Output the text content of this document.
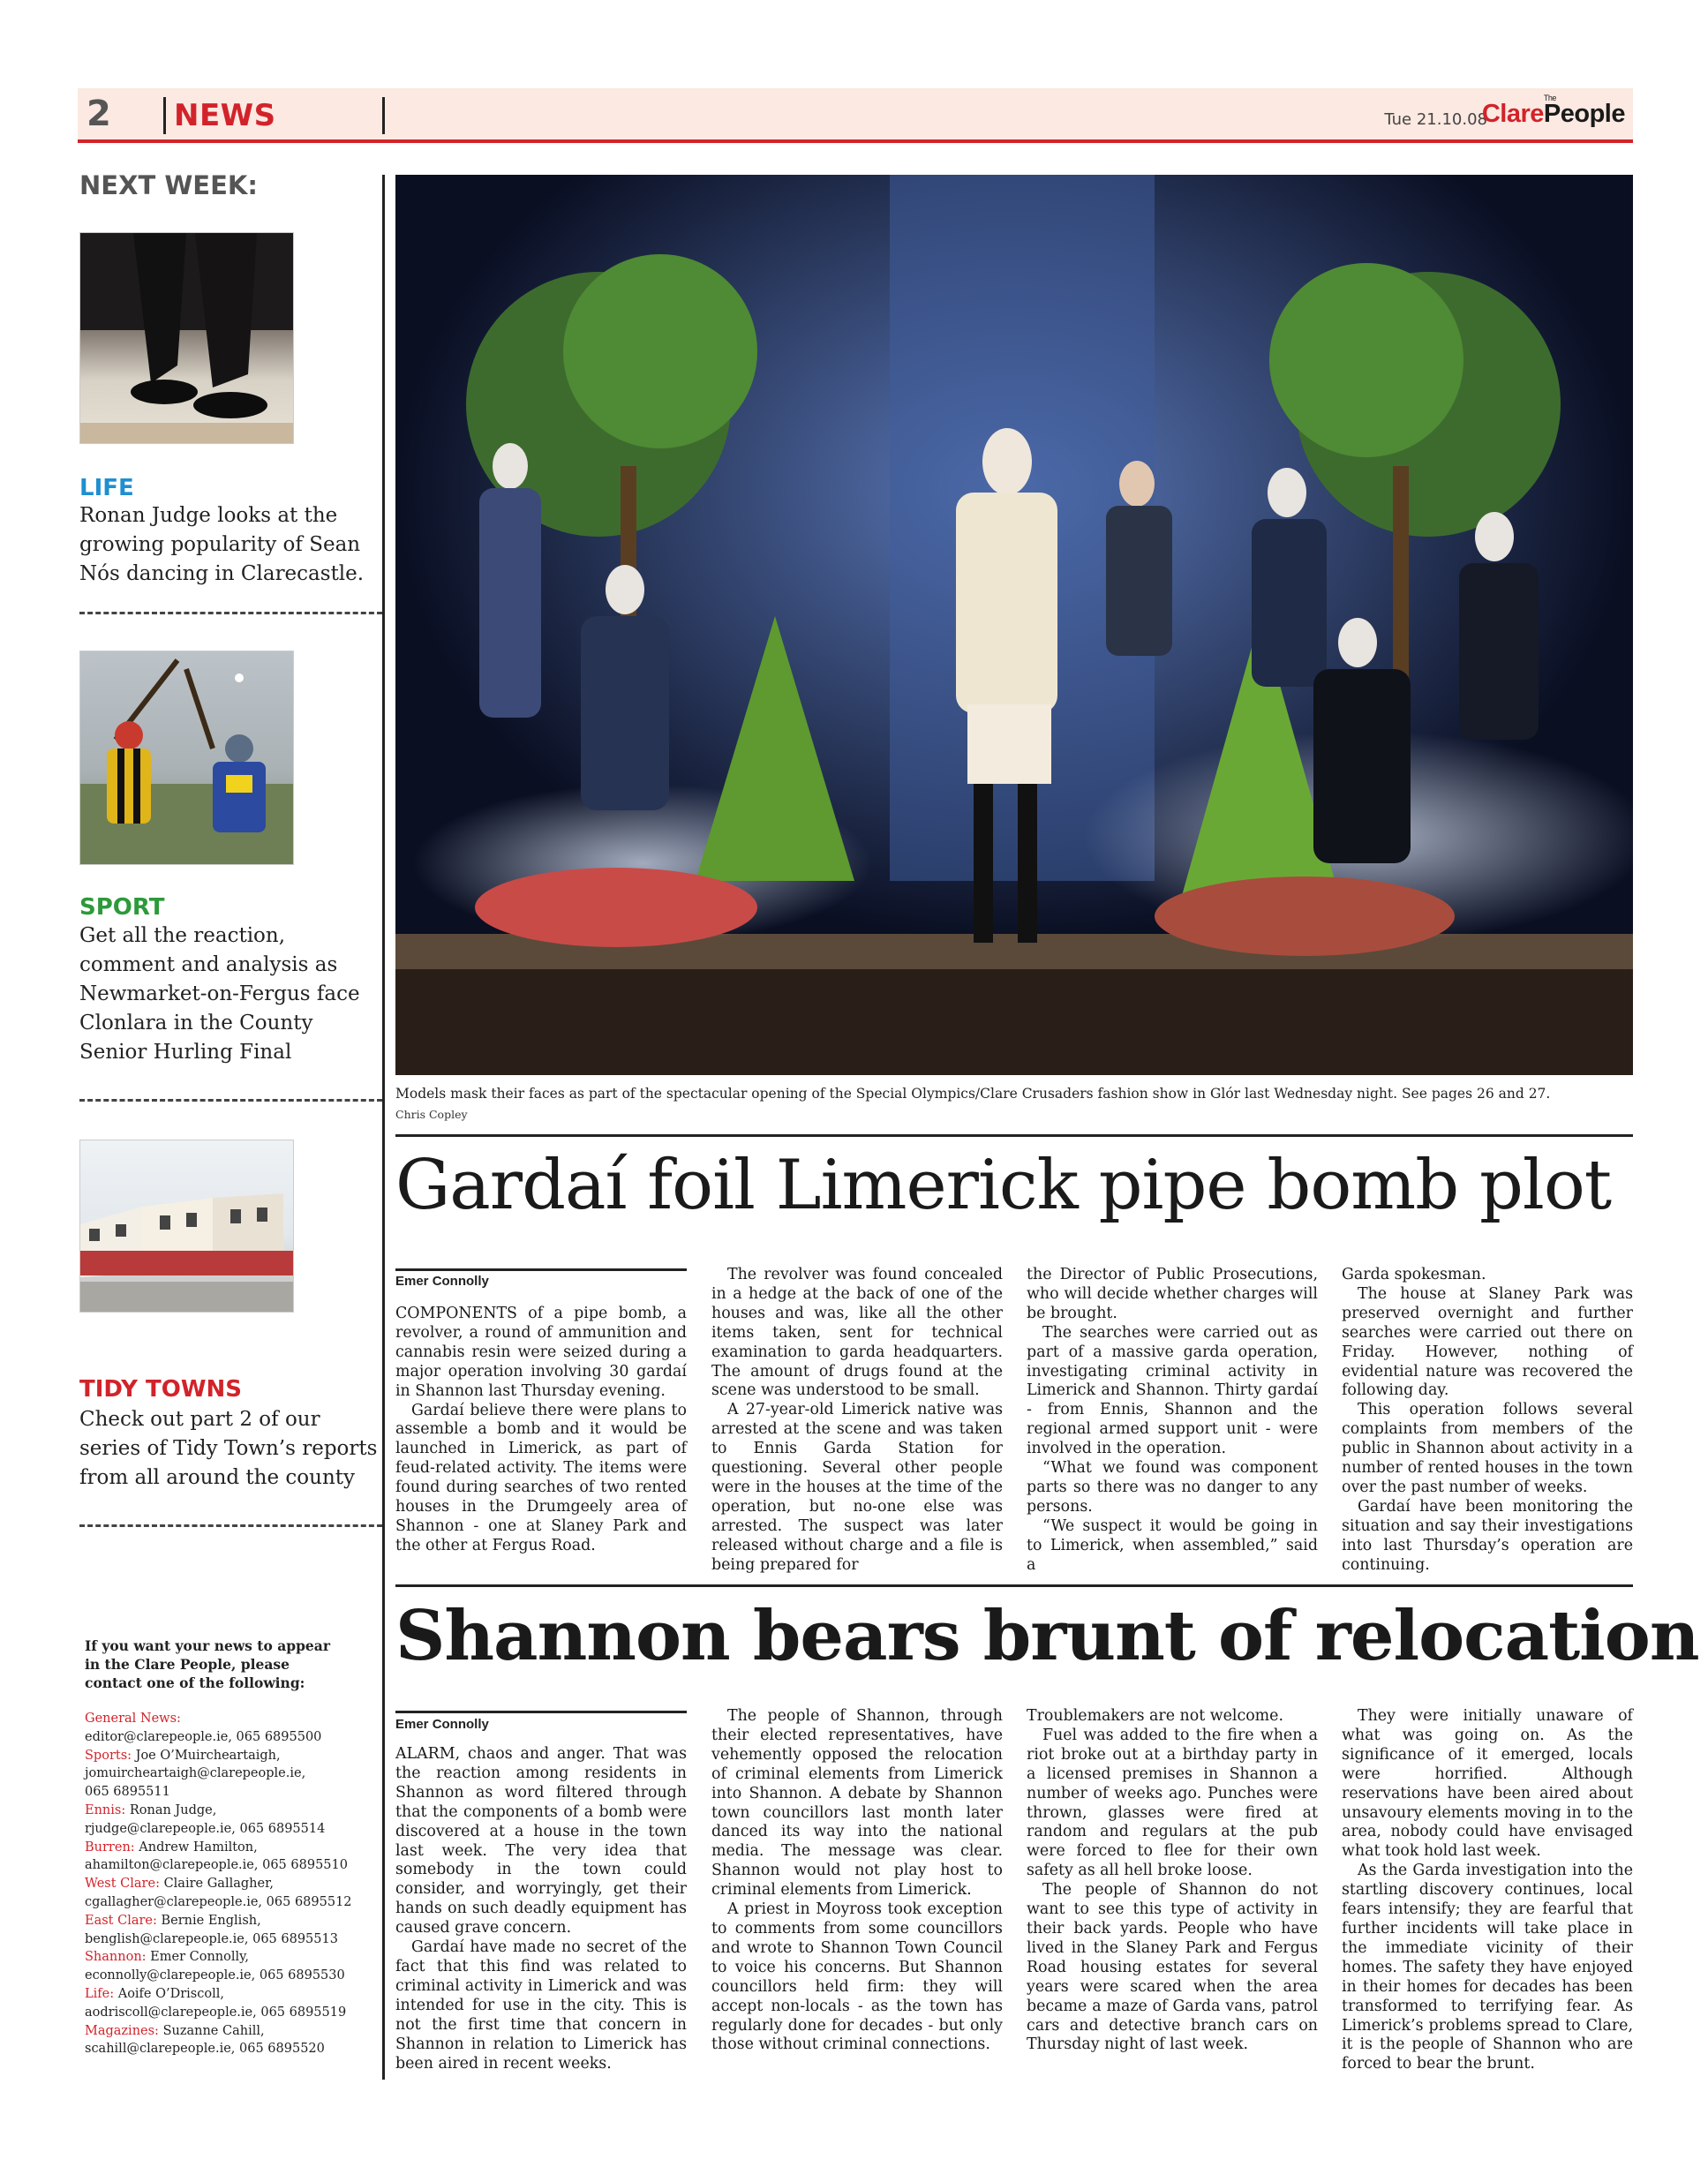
2 NEWS	Tue 21.10.08
The
ClarePeople
NEXT WEEK:
LIFE
Ronan Judge looks at the growing popularity of Sean Nós dancing in Clarecastle.
SPORT
Get all the reaction, comment and analysis as Newmarket-on-Fergus face Clonlara in the County Senior Hurling Final
TIDY TOWNS
Check out part 2 of our series of Tidy Town’s reports from all around the county
If you want your news to appear in the Clare People, please contact one of the following:
General News:
editor@clarepeople.ie, 065 6895500
Sports: Joe O’Muircheartaigh,
jomuircheartaigh@clarepeople.ie,
065 6895511
Ennis: Ronan Judge,
rjudge@clarepeople.ie, 065 6895514
Burren: Andrew Hamilton,
ahamilton@clarepeople.ie, 065 6895510
West Clare: Claire Gallagher,
cgallagher@clarepeople.ie, 065 6895512
East Clare: Bernie English,
benglish@clarepeople.ie, 065 6895513
Shannon: Emer Connolly,
econnolly@clarepeople.ie, 065 6895530
Life: Aoife O’Driscoll,
aodriscoll@clarepeople.ie, 065 6895519
Magazines: Suzanne Cahill,
scahill@clarepeople.ie, 065 6895520
Models mask their faces as part of the spectacular opening of the Special Olympics/Clare Crusaders fashion show in Glór last Wednesday night. See pages 26 and 27.
Chris Copley
Gardaí foil Limerick pipe bomb plot
Emer Connolly

COMPONENTS of a pipe bomb, a revolver, a round of ammunition and cannabis resin were seized during a major operation involving 30 gardaí in Shannon last Thursday evening.

Gardaí believe there were plans to assemble a bomb and it would be launched in Limerick, as part of feud-related activity. The items were found during searches of two rented houses in the Drumgeely area of Shannon - one at Slaney Park and the other at Fergus Road.

The revolver was found concealed in a hedge at the back of one of the houses and was, like all the other items taken, sent for technical examination to garda headquarters. The amount of drugs found at the scene was understood to be small.

A 27-year-old Limerick native was arrested at the scene and was taken to Ennis Garda Station for questioning. Several other people were in the houses at the time of the operation, but no-one else was arrested. The suspect was later released without charge and a file is being prepared for

the Director of Public Prosecutions, who will decide whether charges will be brought.

The searches were carried out as part of a massive garda operation, investigating criminal activity in Limerick and Shannon. Thirty gardaí - from Ennis, Shannon and the regional armed support unit - were involved in the operation.

“What we found was component parts so there was no danger to any persons.

“We suspect it would be going in to Limerick, when assembled,” said a

Garda spokesman.

The house at Slaney Park was preserved overnight and further searches were carried out there on Friday. However, nothing of evidential nature was recovered the following day.

This operation follows several complaints from members of the public in Shannon about activity in a number of rented houses in the town over the past number of weeks.

Gardaí have been monitoring the situation and say their investigations into last Thursday’s operation are continuing.

Shannon bears brunt of relocation
Emer Connolly

ALARM, chaos and anger. That was the reaction among residents in Shannon as word filtered through that the components of a bomb were discovered at a house in the town last week. The very idea that somebody in the town could consider, and worryingly, get their hands on such deadly equipment has caused grave concern.

Gardaí have made no secret of the fact that this find was related to criminal activity in Limerick and was intended for use in the city. This is not the first time that concern in Shannon in relation to Limerick has been aired in recent weeks.

The people of Shannon, through their elected representatives, have vehemently opposed the relocation of criminal elements from Limerick into Shannon. A debate by Shannon town councillors last month later danced its way into the national media. The message was clear. Shannon would not play host to criminal elements from Limerick.

A priest in Moyross took exception to comments from some councillors and wrote to Shannon Town Council to voice his concerns. But Shannon councillors held firm: they will accept non-locals - as the town has regularly done for decades - but only those without criminal connections.

Troublemakers are not welcome.

Fuel was added to the fire when a riot broke out at a birthday party in a licensed premises in Shannon a number of weeks ago. Punches were thrown, glasses were fired at random and regulars at the pub were forced to flee for their own safety as all hell broke loose.

The people of Shannon do not want to see this type of activity in their back yards. People who have lived in the Slaney Park and Fergus Road housing estates for several years were scared when the area became a maze of Garda vans, patrol cars and detective branch cars on Thursday night of last week.

They were initially unaware of what was going on. As the significance of it emerged, locals were horrified. Although reservations have been aired about unsavoury elements moving in to the area, nobody could have envisaged what took hold last week.

As the Garda investigation into the startling discovery continues, local fears intensify; they are fearful that further incidents will take place in the immediate vicinity of their homes. The safety they have enjoyed in their homes for decades has been transformed to terrifying fear. As Limerick’s problems spread to Clare, it is the people of Shannon who are forced to bear the brunt.
